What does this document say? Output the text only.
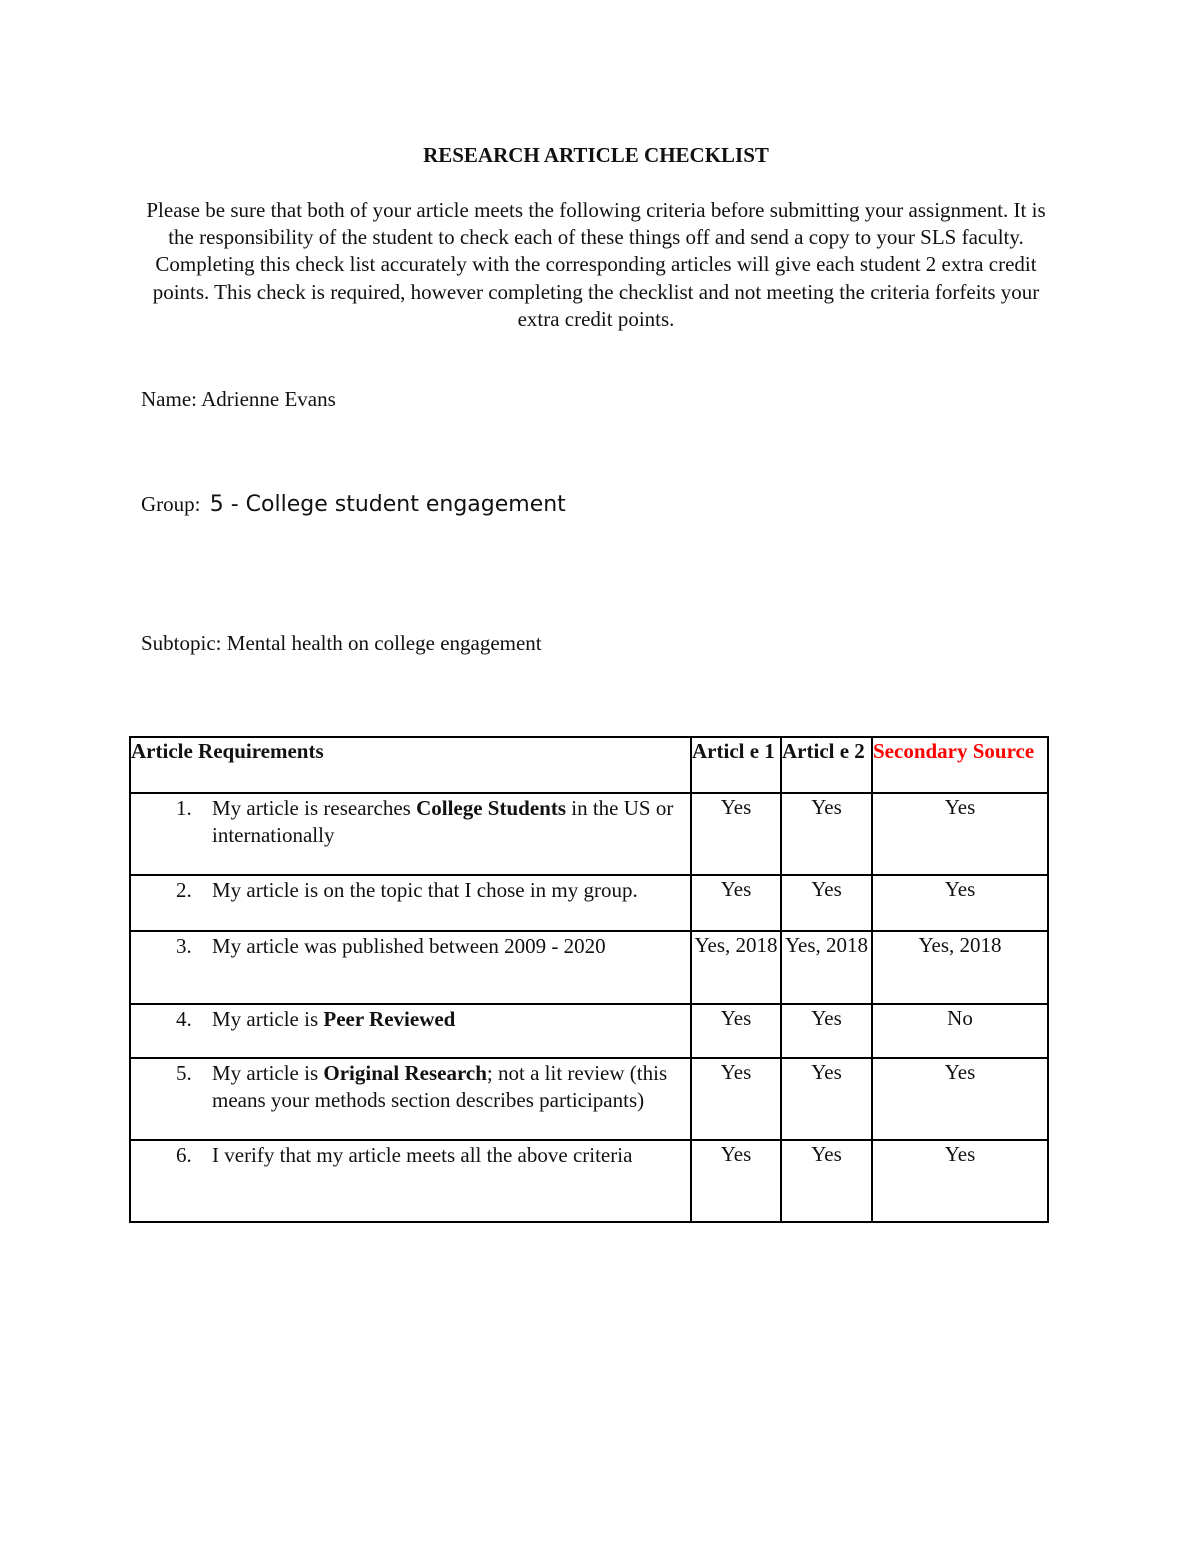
RESEARCH ARTICLE CHECKLIST
Please be sure that both of your article meets the following criteria before submitting your assignment. It is the responsibility of the student to check each of these things off and send a copy to your SLS faculty. Completing this check list accurately with the corresponding articles will give each student 2 extra credit points. This check is required, however completing the checklist and not meeting the criteria forfeits your extra credit points.
Name: Adrienne Evans
Group: 5 - College student engagement
Subtopic: Mental health on college engagement
Article Requirements	Articl e 1	Articl e 2	Secondary Source

1. My article is researches College Students in the US or internationally	Yes	Yes	Yes

2. My article is on the topic that I chose in my group.	Yes	Yes	Yes

3. My article was published between 2009 - 2020	Yes, 2018	Yes, 2018	Yes, 2018

4. My article is Peer Reviewed	Yes	Yes	No

5. My article is Original Research; not a lit review (this means your methods section describes participants)	Yes	Yes	Yes

6. I verify that my article meets all the above criteria	Yes	Yes	Yes
